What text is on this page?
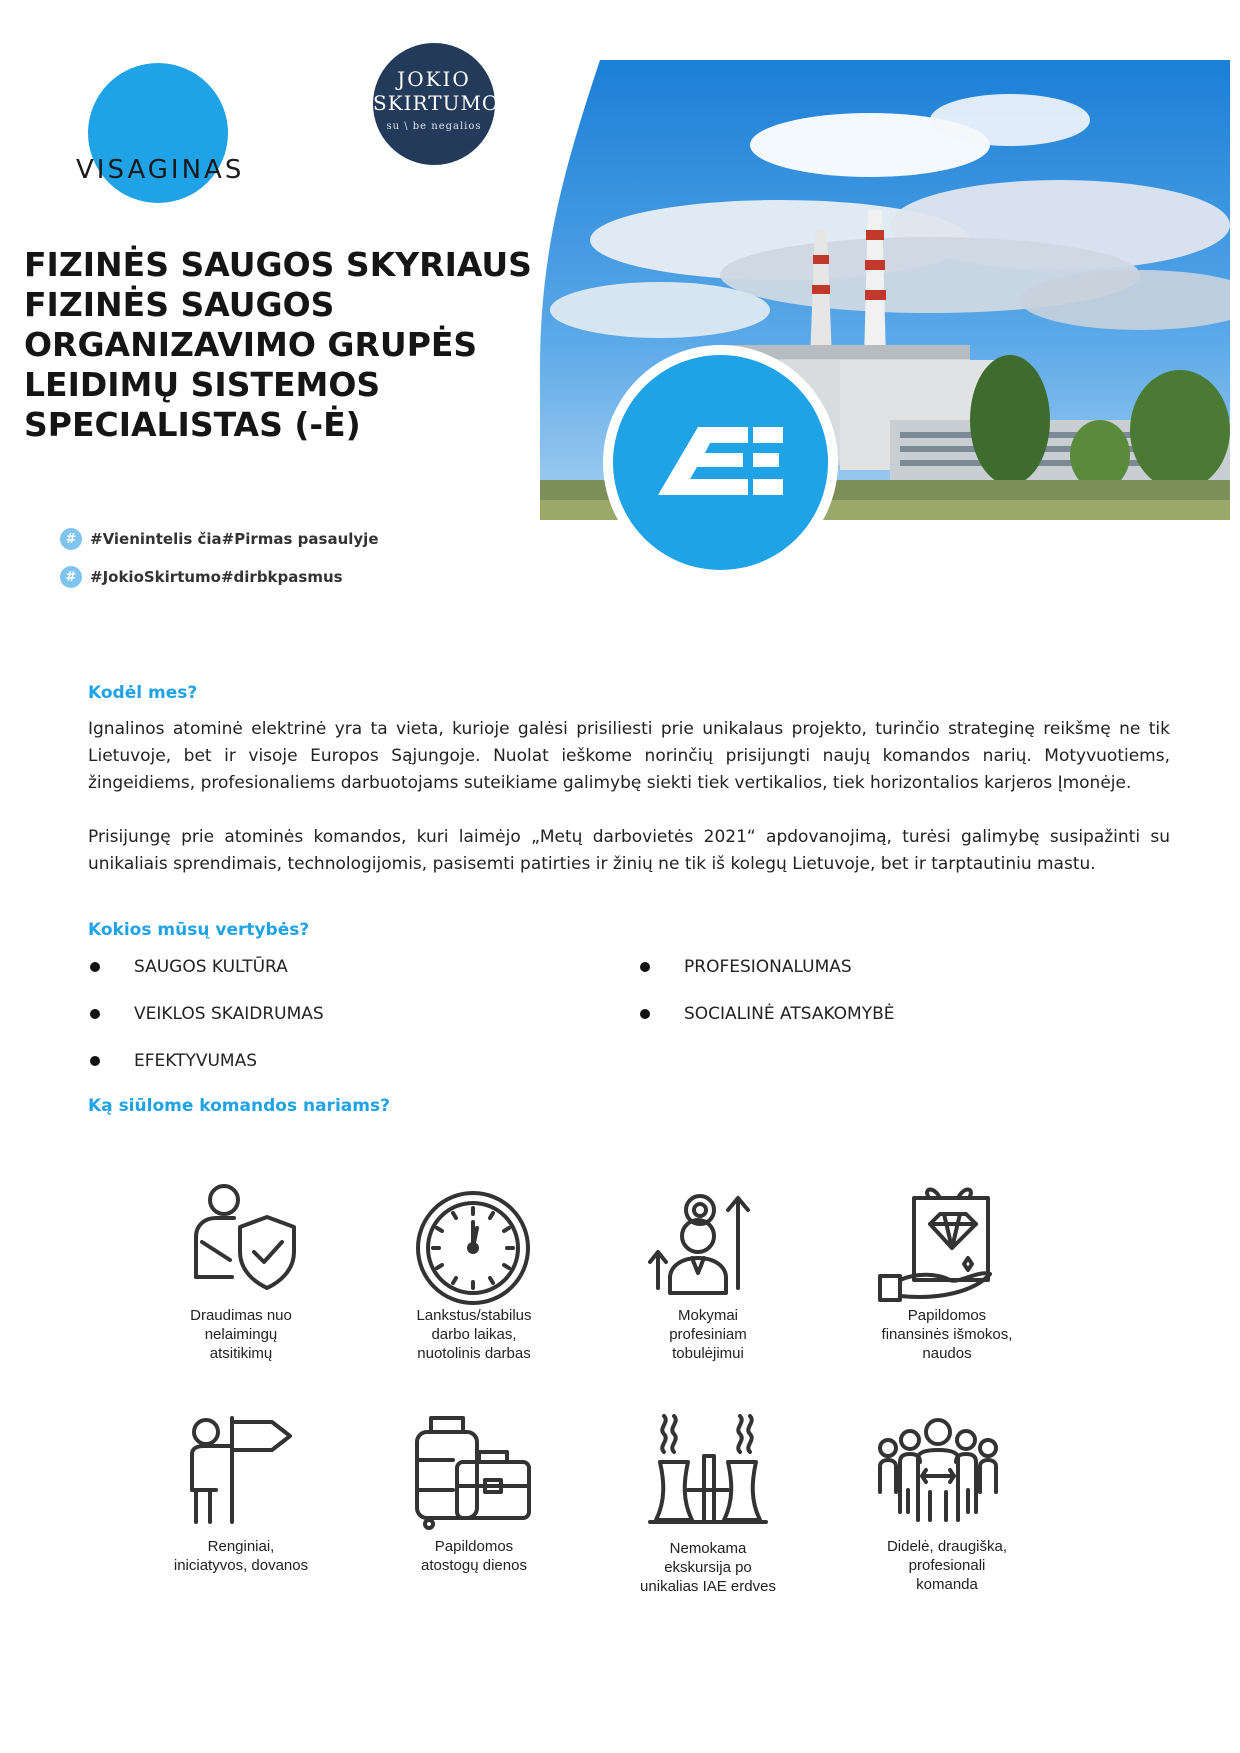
VISAGINAS
JOKIO
SKIRTUMO
su \ be negalios
FIZINĖS SAUGOS SKYRIAUS FIZINĖS SAUGOS ORGANIZAVIMO GRUPĖS LEIDIMŲ SISTEMOS SPECIALISTAS (-Ė)
# #Vienintelis čia#Pirmas pasaulyje
# #JokioSkirtumo#dirbkpasmus
Kodėl mes?
Ignalinos atominė elektrinė yra ta vieta, kurioje galėsi prisiliesti prie unikalaus projekto, turinčio strateginę reikšmę ne tik Lietuvoje, bet ir visoje Europos Sąjungoje. Nuolat ieškome norinčių prisijungti naujų komandos narių. Motyvuotiems, žingeidiems, profesionaliems darbuotojams suteikiame galimybę siekti tiek vertikalios, tiek horizontalios karjeros Įmonėje.
Prisijungę prie atominės komandos, kuri laimėjo „Metų darbovietės 2021“ apdovanojimą, turėsi galimybę susipažinti su unikaliais sprendimais, technologijomis, pasisemti patirties ir žinių ne tik iš kolegų Lietuvoje, bet ir tarptautiniu mastu.
Kokios mūsų vertybės?
SAUGOS KULTŪRA
VEIKLOS SKAIDRUMAS
EFEKTYVUMAS
PROFESIONALUMAS
SOCIALINĖ ATSAKOMYBĖ
Ką siūlome komandos nariams?
Draudimas nuo
nelaimingų
atsitikimų
Lankstus/stabilus
darbo laikas,
nuotolinis darbas
Mokymai
profesiniam
tobulėjimui
Papildomos
finansinės išmokos,
naudos
Renginiai,
iniciatyvos, dovanos
Papildomos
atostogų dienos
Nemokama
ekskursija po
unikalias IAE erdves
Didelė, draugiška,
profesionali
komanda
